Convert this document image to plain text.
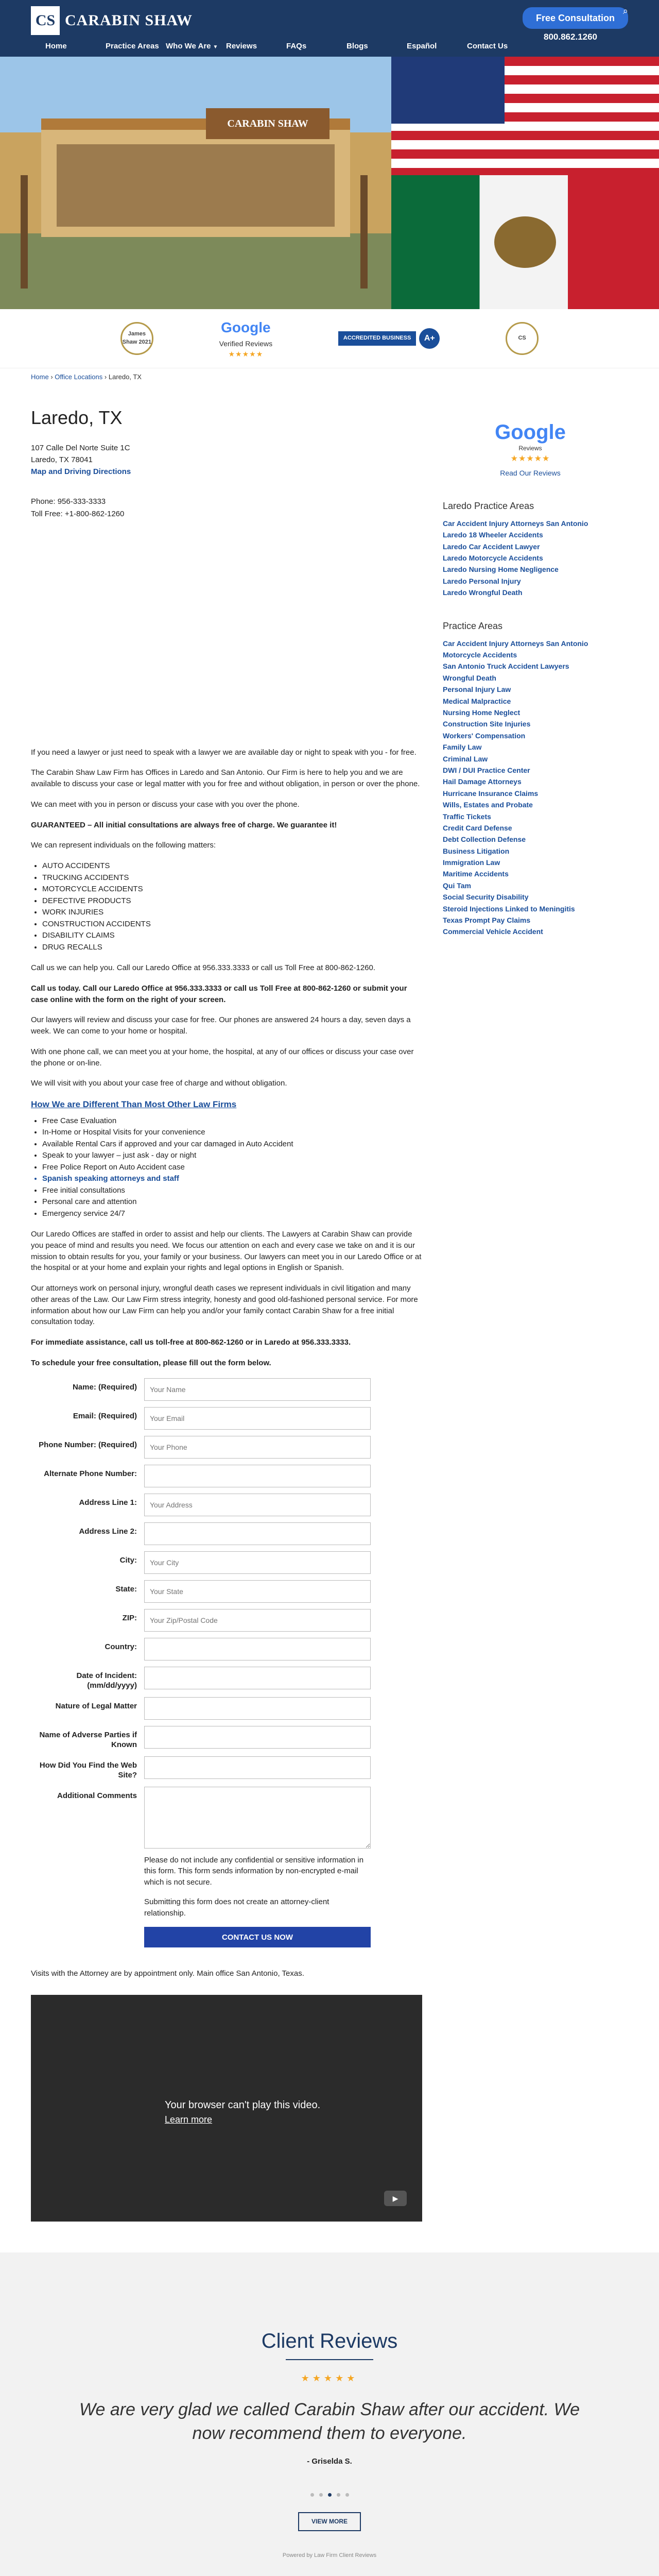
CS CARABIN SHAW	Free Consultation
800.862.1260
Home	Practice Areas Who We Are ▼	Reviews	FAQs	Blogs	Español	Contact Us
⌕
CARABIN SHAW
James Shaw 2021
Google
Verified Reviews
★★★★★
ACCREDITED BUSINESS	A+	CS
Home › Office Locations › Laredo, TX
Laredo, TX

107 Calle Del Norte Suite 1C

Laredo, TX 78041

Map and Driving Directions

Phone: 956-333-3333

Toll Free: +1-800-862-1260

If you need a lawyer or just need to speak with a lawyer we are available day or night to speak with you - for free.

The Carabin Shaw Law Firm has Offices in Laredo and San Antonio. Our Firm is here to help you and we are available to discuss your case or legal matter with you for free and without obligation, in person or over the phone.

We can meet with you in person or discuss your case with you over the phone.

GUARANTEED – All initial consultations are always free of charge. We guarantee it!

We can represent individuals on the following matters:

• AUTO ACCIDENTS
• TRUCKING ACCIDENTS
• MOTORCYCLE ACCIDENTS
• DEFECTIVE PRODUCTS
• WORK INJURIES
• CONSTRUCTION ACCIDENTS
• DISABILITY CLAIMS
• DRUG RECALLS

Call us we can help you. Call our Laredo Office at 956.333.3333 or call us Toll Free at 800-862-1260.

Call us today. Call our Laredo Office at 956.333.3333 or call us Toll Free at 800-862-1260 or submit your case online with the form on the right of your screen.

Our lawyers will review and discuss your case for free. Our phones are answered 24 hours a day, seven days a week. We can come to your home or hospital.

With one phone call, we can meet you at your home, the hospital, at any of our offices or discuss your case over the phone or on-line.

We will visit with you about your case free of charge and without obligation.

How We are Different Than Most Other Law Firms
• Free Case Evaluation
• In-Home or Hospital Visits for your convenience
• Available Rental Cars if approved and your car damaged in Auto Accident
• Speak to your lawyer – just ask - day or night
• Free Police Report on Auto Accident case
• Spanish speaking attorneys and staff
• Free initial consultations
• Personal care and attention
• Emergency service 24/7

Our Laredo Offices are staffed in order to assist and help our clients. The Lawyers at Carabin Shaw can provide you peace of mind and results you need. We focus our attention on each and every case we take on and it is our mission to obtain results for you, your family or your business. Our lawyers can meet you in our Laredo Office or at the hospital or at your home and explain your rights and legal options in English or Spanish.

Our attorneys work on personal injury, wrongful death cases we represent individuals in civil litigation and many other areas of the Law. Our Law Firm stress integrity, honesty and good old-fashioned personal service. For more information about how our Law Firm can help you and/or your family contact Carabin Shaw for a free initial consultation today.

For immediate assistance, call us toll-free at 800-862-1260 or in Laredo at 956.333.3333.

To schedule your free consultation, please fill out the form below.

Name: (Required)
Your Name
Email: (Required)
Your Email
Phone Number: (Required)
Your Phone
Alternate Phone Number:
Address Line 1:
Your Address
Address Line 2:
City:
Your City
State:
Your State
ZIP:
Your Zip/Postal Code
Country:
Date of Incident: (mm/dd/yyyy)
Nature of Legal Matter
Name of Adverse Parties if Known
How Did You Find the Web Site?
Additional Comments

Please do not include any confidential or sensitive information in this form. This form sends information by non-encrypted e-mail which is not secure.

Submitting this form does not create an attorney-client relationship.

CONTACT US NOW

Visits with the Attorney are by appointment only. Main office San Antonio, Texas.

Your browser can't play this video.
Learn more
▶
Google
Reviews
★★★★★
Read Our Reviews
Laredo Practice Areas
Car Accident Injury Attorneys San Antonio
Laredo 18 Wheeler Accidents
Laredo Car Accident Lawyer
Laredo Motorcycle Accidents
Laredo Nursing Home Negligence
Laredo Personal Injury
Laredo Wrongful Death
Practice Areas
Car Accident Injury Attorneys San Antonio
Motorcycle Accidents
San Antonio Truck Accident Lawyers
Wrongful Death
Personal Injury Law
Medical Malpractice
Nursing Home Neglect
Construction Site Injuries
Workers' Compensation
Family Law
Criminal Law
DWI / DUI Practice Center
Hail Damage Attorneys
Hurricane Insurance Claims
Wills, Estates and Probate
Traffic Tickets
Credit Card Defense
Debt Collection Defense
Business Litigation
Immigration Law
Maritime Accidents
Qui Tam
Social Security Disability
Steroid Injections Linked to Meningitis
Texas Prompt Pay Claims
Commercial Vehicle Accident
Client Reviews
★★★★★
We are very glad we called Carabin Shaw after our accident. We now recommend them to everyone.
- Griselda S.
VIEW MORE
Powered by Law Firm Client Reviews
